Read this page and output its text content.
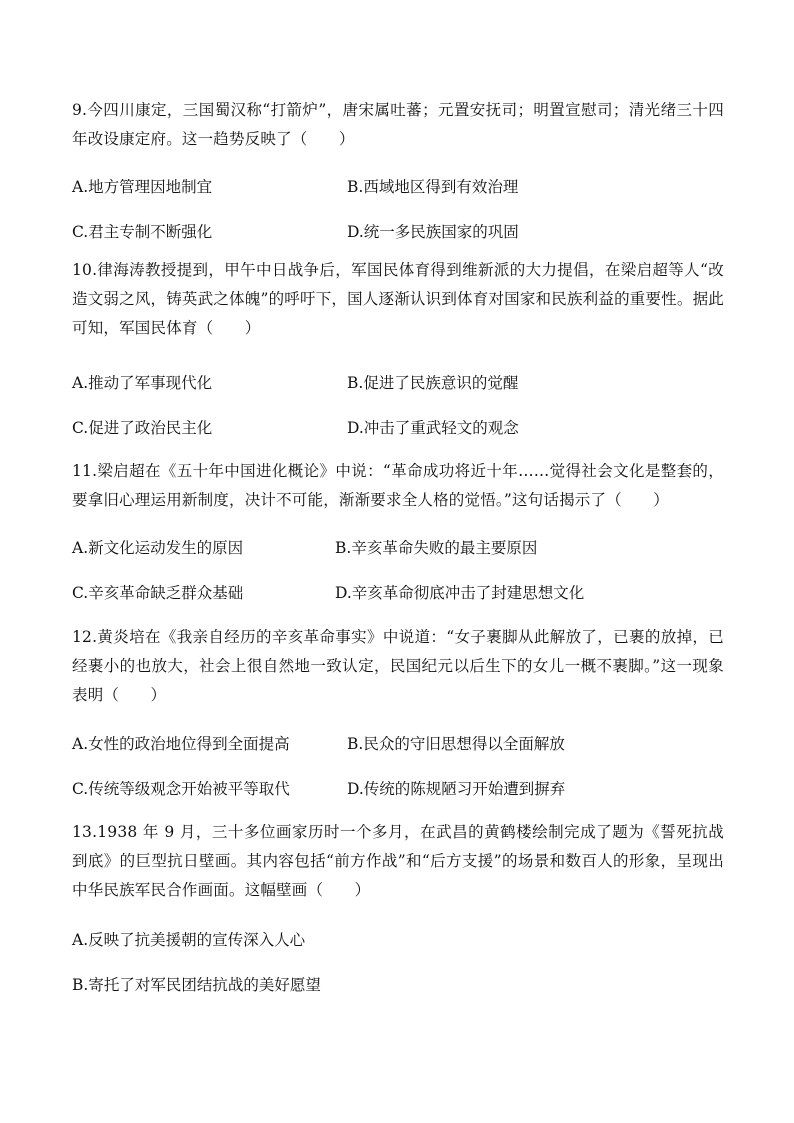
9.今四川康定，三国蜀汉称“打箭炉”，唐宋属吐蕃；元置安抚司；明置宣慰司；清光绪三十四年改设康定府。这一趋势反映了（　　）

A.地方管理因地制宜	B.西域地区得到有效治理

C.君主专制不断强化	D.统一多民族国家的巩固

10.律海涛教授提到，甲午中日战争后，军国民体育得到维新派的大力提倡，在梁启超等人“改造文弱之风，铸英武之体魄”的呼吁下，国人逐渐认识到体育对国家和民族利益的重要性。据此可知，军国民体育（　　）

A.推动了军事现代化	B.促进了民族意识的觉醒

C.促进了政治民主化	D.冲击了重武轻文的观念

11.梁启超在《五十年中国进化概论》中说：“革命成功将近十年……觉得社会文化是整套的，要拿旧心理运用新制度，决计不可能，渐渐要求全人格的觉悟。”这句话揭示了（　　）

A.新文化运动发生的原因	B.辛亥革命失败的最主要原因

C.辛亥革命缺乏群众基础	D.辛亥革命彻底冲击了封建思想文化

12.黄炎培在《我亲自经历的辛亥革命事实》中说道：“女子裹脚从此解放了，已裹的放掉，已经裹小的也放大，社会上很自然地一致认定，民国纪元以后生下的女儿一概不裹脚。”这一现象表明（　　）

A.女性的政治地位得到全面提高	B.民众的守旧思想得以全面解放

C.传统等级观念开始被平等取代	D.传统的陈规陋习开始遭到摒弃

13.1938 年 9 月，三十多位画家历时一个多月，在武昌的黄鹤楼绘制完成了题为《誓死抗战到底》的巨型抗日壁画。其内容包括“前方作战”和“后方支援”的场景和数百人的形象，呈现出中华民族军民合作画面。这幅壁画（　　）

A.反映了抗美援朝的宣传深入人心

B.寄托了对军民团结抗战的美好愿望
